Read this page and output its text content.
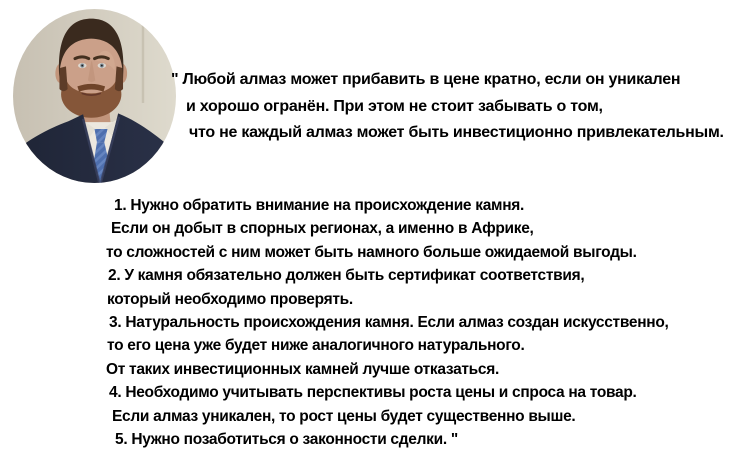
" Любой алмаз может прибавить в цене кратно, если он уникален
и хорошо огранён. При этом не стоит забывать о том,
что не каждый алмаз может быть инвестиционно привлекательным.
1. Нужно обратить внимание на происхождение камня.
Если он добыт в спорных регионах, а именно в Африке,
то сложностей с ним может быть намного больше ожидаемой выгоды.
2. У камня обязательно должен быть сертификат соответствия,
который необходимо проверять.
3. Натуральность происхождения камня. Если алмаз создан искусственно,
то его цена уже будет ниже аналогичного натурального.
От таких инвестиционных камней лучше отказаться.
4. Необходимо учитывать перспективы роста цены и спроса на товар.
Если алмаз уникален, то рост цены будет существенно выше.
5. Нужно позаботиться о законности сделки. "
